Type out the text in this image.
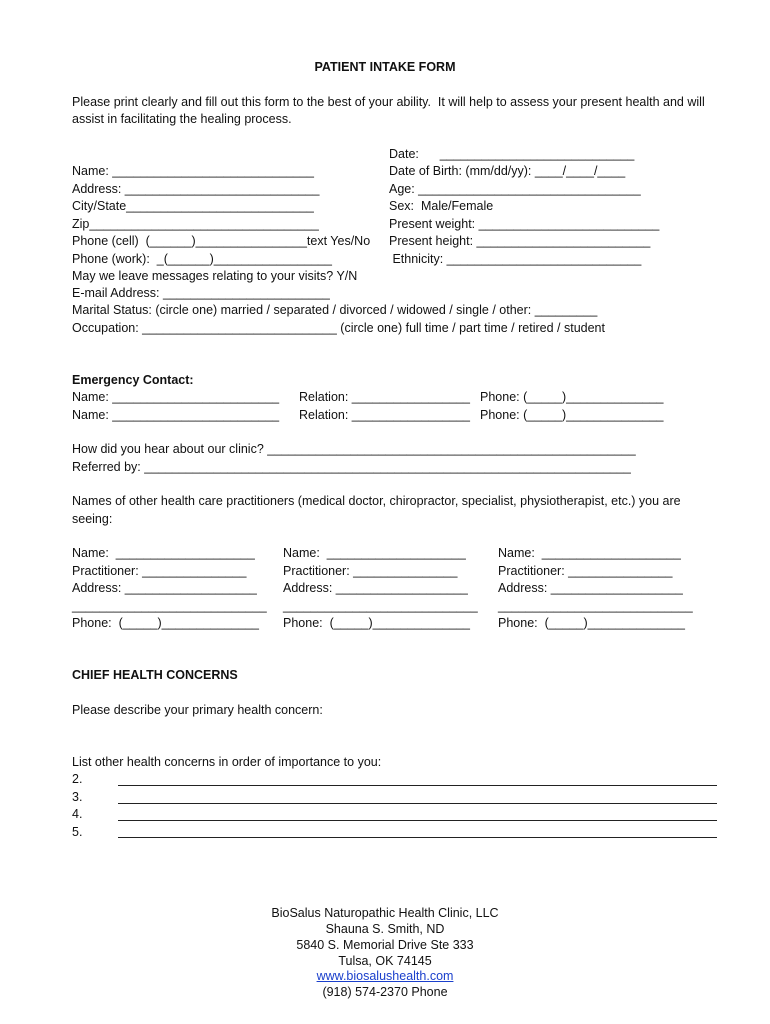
PATIENT INTAKE FORM
Please print clearly and fill out this form to the best of your ability.  It will help to assess your present health and will
assist in facilitating the healing process.
Date:      ____________________________
Date of Birth: (mm/dd/yy): ____/____/____
Age: ________________________________
Sex:  Male/Female
Present weight: __________________________
Present height: _________________________
Ethnicity: ____________________________
Name: _____________________________
Address: ____________________________
City/State___________________________
Zip_________________________________
Phone (cell)  (______)________________text Yes/No
Phone (work):  _(______)_________________
May we leave messages relating to your visits? Y/N
E-mail Address: ________________________
Marital Status: (circle one) married / separated / divorced / widowed / single / other: _________
Occupation: ____________________________ (circle one) full time / part time / retired / student
Emergency Contact:
Name: ________________________ Relation: _________________ Phone: (_____)______________
Name: ________________________ Relation: _________________ Phone: (_____)______________
How did you hear about our clinic? _____________________________________________________
Referred by: ______________________________________________________________________
Names of other health care practitioners (medical doctor, chiropractor, specialist, physiotherapist, etc.) you are
seeing:
Name:  ____________________
Practitioner: _______________
Address: ___________________
____________________________
Phone:  (_____)______________
Name:  ____________________
Practitioner: _______________
Address: ___________________
____________________________
Phone:  (_____)______________
Name:  ____________________
Practitioner: _______________
Address: ___________________
____________________________
Phone:  (_____)______________
CHIEF HEALTH CONCERNS
Please describe your primary health concern:
List other health concerns in order of importance to you:
2.
3.
4.
5.
BioSalus Naturopathic Health Clinic, LLC
Shauna S. Smith, ND
5840 S. Memorial Drive Ste 333
Tulsa, OK 74145
www.biosalushealth.com
(918) 574-2370 Phone
